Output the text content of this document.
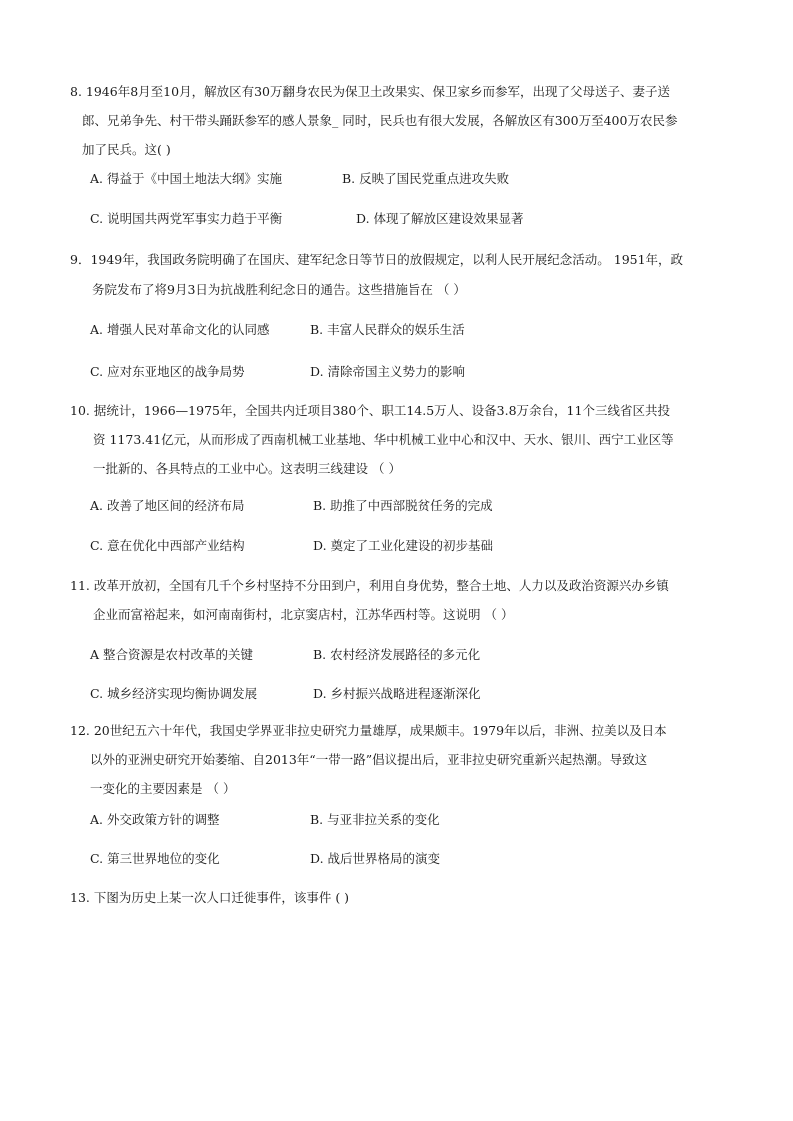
8. 1946年8月至10月，解放区有30万翻身农民为保卫土改果实、保卫家乡而参军，出现了父母送子、妻子送
郎、兄弟争先、村干带头踊跃参军的感人景象_ 同时，民兵也有很大发展，各解放区有300万至400万农民参
加了民兵。这( )
A. 得益于《中国土地法大纲》实施	B. 反映了国民党重点进攻失败
C. 说明国共两党军事实力趋于平衡	D. 体现了解放区建设效果显著
9．1949年，我国政务院明确了在国庆、建军纪念日等节日的放假规定，以利人民开展纪念活动。 1951年，政
务院发布了将9月3日为抗战胜利纪念日的通告。这些措施旨在 （ ）
A. 增强人民对革命文化的认同感	B. 丰富人民群众的娱乐生活
C. 应对东亚地区的战争局势	D. 清除帝国主义势力的影响
10. 据统计，1966—1975年，全国共内迁项目380个、职工14.5万人、设备3.8万余台，11个三线省区共投
资 1173.41亿元，从而形成了西南机械工业基地、华中机械工业中心和汉中、天水、银川、西宁工业区等
一批新的、各具特点的工业中心。这表明三线建设 （ ）
A. 改善了地区间的经济布局	B. 助推了中西部脱贫任务的完成
C. 意在优化中西部产业结构	D. 奠定了工业化建设的初步基础
11. 改革开放初，全国有几千个乡村坚持不分田到户，利用自身优势，整合土地、人力以及政治资源兴办乡镇
企业而富裕起来，如河南南街村，北京窦店村，江苏华西村等。这说明 （ ）
A 整合资源是农村改革的关键	B. 农村经济发展路径的多元化
C. 城乡经济实现均衡协调发展	D. 乡村振兴战略进程逐渐深化
12. 20世纪五六十年代，我国史学界亚非拉史研究力量雄厚，成果颇丰。1979年以后，非洲、拉美以及日本
以外的亚洲史研究开始萎缩、自2013年“一带一路”倡议提出后，亚非拉史研究重新兴起热潮。导致这
一变化的主要因素是 （ ）
A. 外交政策方针的调整	B. 与亚非拉关系的变化
C. 第三世界地位的变化	D. 战后世界格局的演变
13. 下图为历史上某一次人口迁徙事件，该事件 ( )
